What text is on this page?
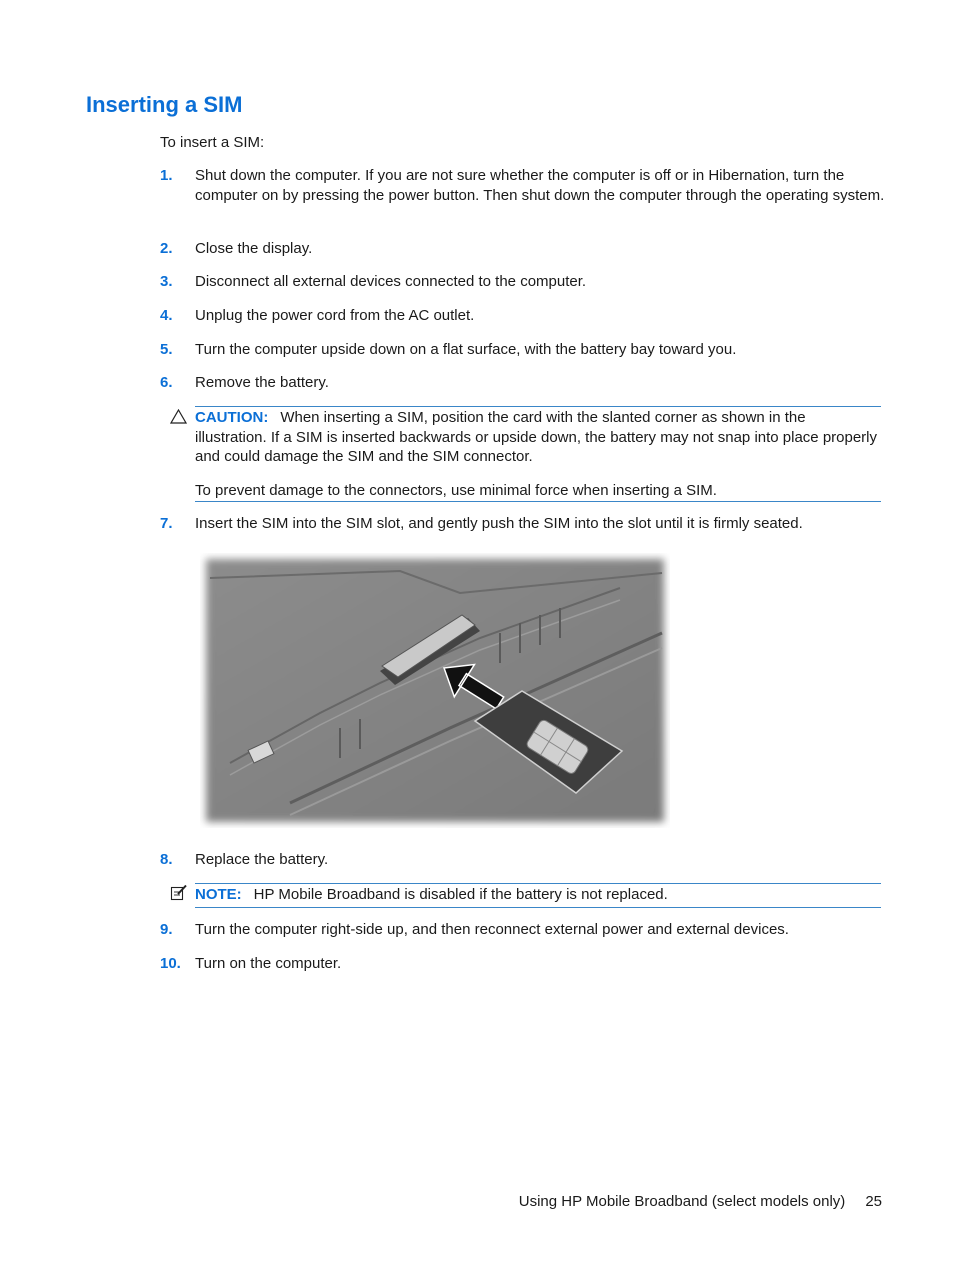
Inserting a SIM
To insert a SIM:
1. Shut down the computer. If you are not sure whether the computer is off or in Hibernation, turn the computer on by pressing the power button. Then shut down the computer through the operating system.
2. Close the display.
3. Disconnect all external devices connected to the computer.
4. Unplug the power cord from the AC outlet.
5. Turn the computer upside down on a flat surface, with the battery bay toward you.
6. Remove the battery.

CAUTION: When inserting a SIM, position the card with the slanted corner as shown in the illustration. If a SIM is inserted backwards or upside down, the battery may not snap into place properly and could damage the SIM and the SIM connector.

To prevent damage to the connectors, use minimal force when inserting a SIM.

7. Insert the SIM into the SIM slot, and gently push the SIM into the slot until it is firmly seated.
8. Replace the battery.

NOTE: HP Mobile Broadband is disabled if the battery is not replaced.

9. Turn the computer right-side up, and then reconnect external power and external devices.
10. Turn on the computer.
Using HP Mobile Broadband (select models only) 25
